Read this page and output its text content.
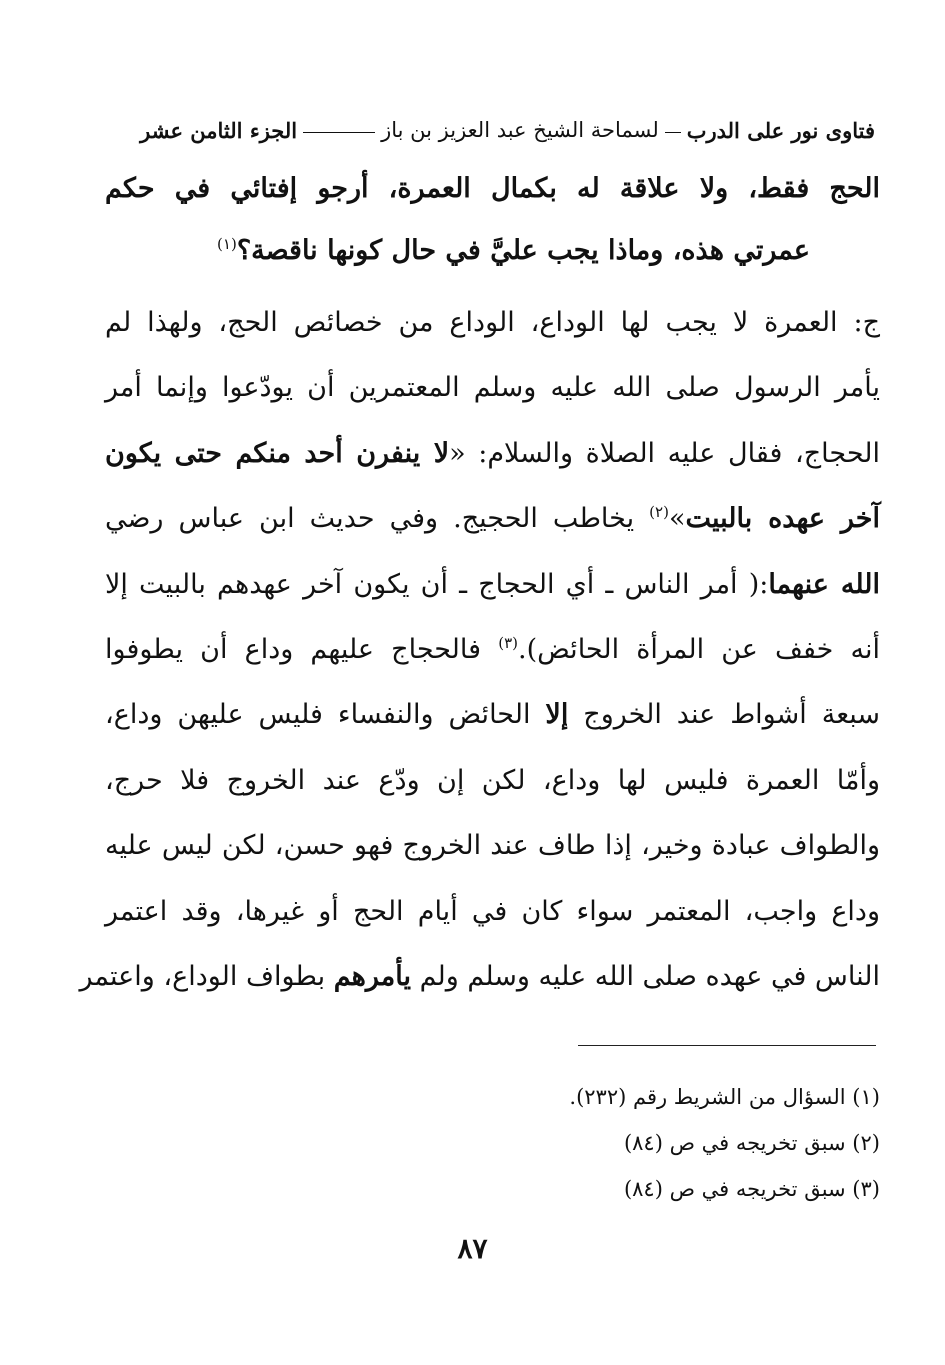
فتاوى نور على الدرب
لسماحة الشيخ عبد العزيز بن باز
الجزء الثامن عشر
الحج فقط، ولا علاقة له بكمال العمرة، أرجو إفتائي في حكم
عمرتي هذه، وماذا يجب عليَّ في حال كونها ناقصة؟$^{(١)}$
ج: العمرة لا يجب لها الوداع، الوداع من خصائص الحج، ولهذا لم
يأمر الرسول صلى الله عليه وسلم المعتمرين أن يودّعوا وإنما أمر
الحجاج، فقال عليه الصلاة والسلام: «لا ينفرن أحد منكم حتى يكون
آخر عهده بالبيت»$^{(٢)}$ يخاطب الحجيج. وفي حديث ابن عباس رضي
الله عنهما:( أمر الناس ـ أي الحجاج ـ أن يكون آخر عهدهم بالبيت إلا
أنه خفف عن المرأة الحائض).$^{(٣)}$ فالحجاج عليهم وداع أن يطوفوا
سبعة أشواط عند الخروج إلا الحائض والنفساء فليس عليهن وداع،
وأمّا العمرة فليس لها وداع، لكن إن ودّع عند الخروج فلا حرج،
والطواف عبادة وخير، إذا طاف عند الخروج فهو حسن، لكن ليس عليه
وداع واجب، المعتمر سواء كان في أيام الحج أو غيرها، وقد اعتمر
الناس في عهده صلى الله عليه وسلم ولم يأمرهم بطواف الوداع، واعتمر
(١) السؤال من الشريط رقم (٢٣٢).
(٢) سبق تخريجه في ص (٨٤)
(٣) سبق تخريجه في ص (٨٤)
٨٧
